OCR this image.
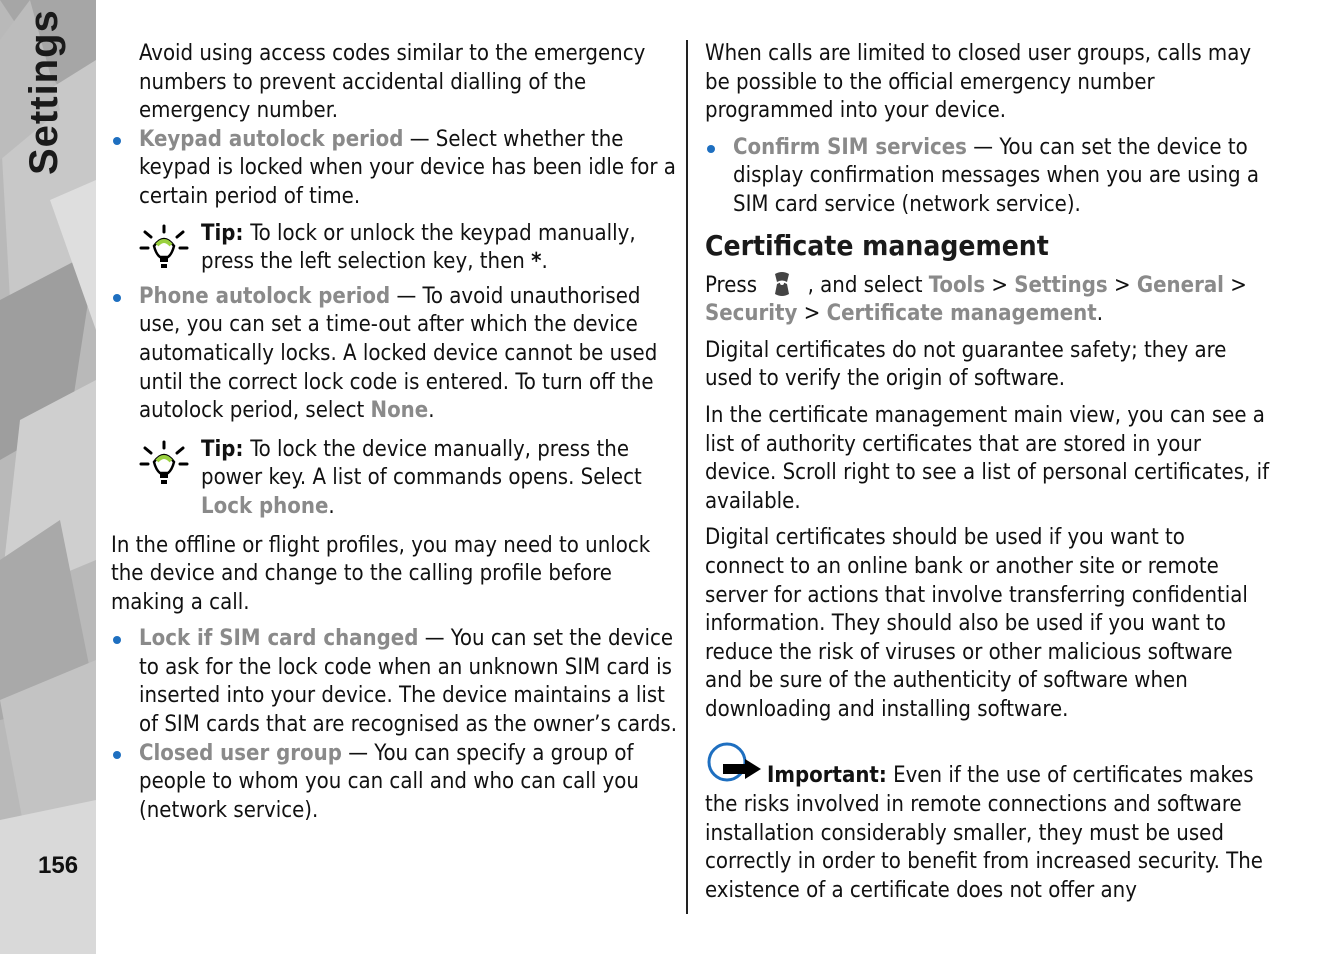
Settings
156

Avoid using access codes similar to the emergency numbers to prevent accidental dialling of the emergency number.

Keypad autolock period — Select whether the keypad is locked when your device has been idle for a certain period of time.
Tip: To lock or unlock the keypad manually, press the left selection key, then *.
Phone autolock period — To avoid unauthorised use, you can set a time-out after which the device automatically locks. A locked device cannot be used until the correct lock code is entered. To turn off the autolock period, select None.
Tip: To lock the device manually, press the power key. A list of commands opens. Select Lock phone.

In the offline or flight profiles, you may need to unlock the device and change to the calling profile before making a call.

Lock if SIM card changed — You can set the device to ask for the lock code when an unknown SIM card is inserted into your device. The device maintains a list of SIM cards that are recognised as the owner’s cards.
Closed user group — You can specify a group of people to whom you can call and who can call you (network service).

When calls are limited to closed user groups, calls may be possible to the official emergency number programmed into your device.

Confirm SIM services — You can set the device to display confirmation messages when you are using a SIM card service (network service).
Certificate management

Press  , and select Tools > Settings > General > Security > Certificate management.

Digital certificates do not guarantee safety; they are used to verify the origin of software.

In the certificate management main view, you can see a list of authority certificates that are stored in your device. Scroll right to see a list of personal certificates, if available.

Digital certificates should be used if you want to connect to an online bank or another site or remote server for actions that involve transferring confidential information. They should also be used if you want to reduce the risk of viruses or other malicious software and be sure of the authenticity of software when downloading and installing software.

Important: Even if the use of certificates makes the risks involved in remote connections and software installation considerably smaller, they must be used correctly in order to benefit from increased security. The existence of a certificate does not offer any
